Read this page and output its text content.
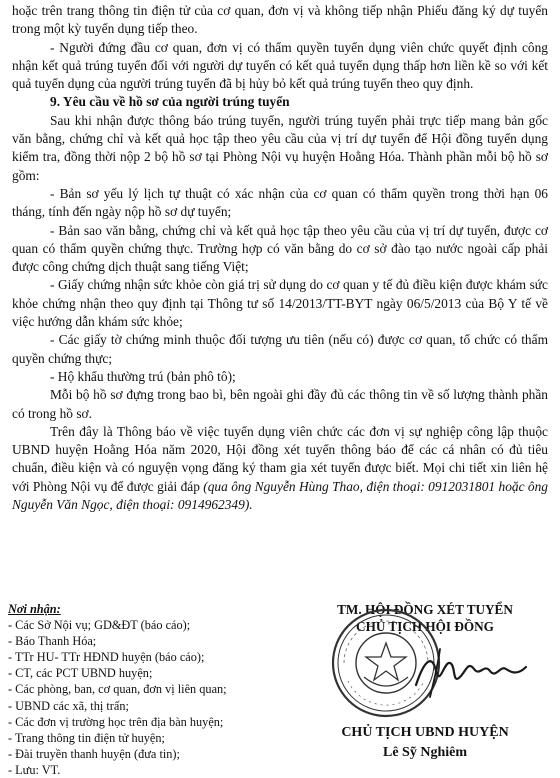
hoặc trên trang thông tin điện tử của cơ quan, đơn vị và không tiếp nhận Phiếu đăng ký dự tuyển trong một kỳ tuyển dụng tiếp theo.

- Người đứng đầu cơ quan, đơn vị có thẩm quyền tuyển dụng viên chức quyết định công nhận kết quả trúng tuyển đối với người dự tuyển có kết quả tuyển dụng thấp hơn liền kề so với kết quả tuyển dụng của người trúng tuyển đã bị hủy bỏ kết quả trúng tuyển theo quy định.

9. Yêu cầu về hồ sơ của người trúng tuyển

Sau khi nhận được thông báo trúng tuyển, người trúng tuyển phải trực tiếp mang bản gốc văn bằng, chứng chỉ và kết quả học tập theo yêu cầu của vị trí dự tuyển để Hội đồng tuyển dụng kiểm tra, đồng thời nộp 2 bộ hồ sơ tại Phòng Nội vụ huyện Hoằng Hóa. Thành phần mỗi bộ hồ sơ gồm:

- Bản sơ yếu lý lịch tự thuật có xác nhận của cơ quan có thẩm quyền trong thời hạn 06 tháng, tính đến ngày nộp hồ sơ dự tuyển;

- Bản sao văn bằng, chứng chỉ và kết quả học tập theo yêu cầu của vị trí dự tuyển, được cơ quan có thẩm quyền chứng thực. Trường hợp có văn bằng do cơ sở đào tạo nước ngoài cấp phải được công chứng dịch thuật sang tiếng Việt;

- Giấy chứng nhận sức khỏe còn giá trị sử dụng do cơ quan y tế đủ điều kiện được khám sức khỏe chứng nhận theo quy định tại Thông tư số 14/2013/TT-BYT ngày 06/5/2013 của Bộ Y tế về việc hướng dẫn khám sức khỏe;

- Các giấy tờ chứng minh thuộc đối tượng ưu tiên (nếu có) được cơ quan, tổ chức có thẩm quyền chứng thực;

- Hộ khẩu thường trú (bản phô tô);

Mỗi bộ hồ sơ đựng trong bao bì, bên ngoài ghi đầy đủ các thông tin về số lượng thành phần có trong hồ sơ.

Trên đây là Thông báo về việc tuyển dụng viên chức các đơn vị sự nghiệp công lập thuộc UBND huyện Hoằng Hóa năm 2020, Hội đồng xét tuyển thông báo để các cá nhân có đủ tiêu chuẩn, điều kiện và có nguyện vọng đăng ký tham gia xét tuyển được biết. Mọi chi tiết xin liên hệ với Phòng Nội vụ để được giải đáp (qua ông Nguyễn Hùng Thao, điện thoại: 0912031801 hoặc ông Nguyễn Văn Ngọc, điện thoại: 0914962349).

Nơi nhận:
- Các Sở Nội vụ; GD&ĐT (báo cáo);
- Báo Thanh Hóa;
- TTr HU- TTr HĐND huyện (báo cáo);
- CT, các PCT UBND huyện;
- Các phòng, ban, cơ quan, đơn vị liên quan;
- UBND các xã, thị trấn;
- Các đơn vị trường học trên địa bàn huyện;
- Trang thông tin điện tử huyện;
- Đài truyền thanh huyện (đưa tin);
- Lưu: VT.
TM. HỘI ĐỒNG XÉT TUYỂN
CHỦ TỊCH HỘI ĐỒNG
CHỦ TỊCH UBND HUYỆN
Lê Sỹ Nghiêm
